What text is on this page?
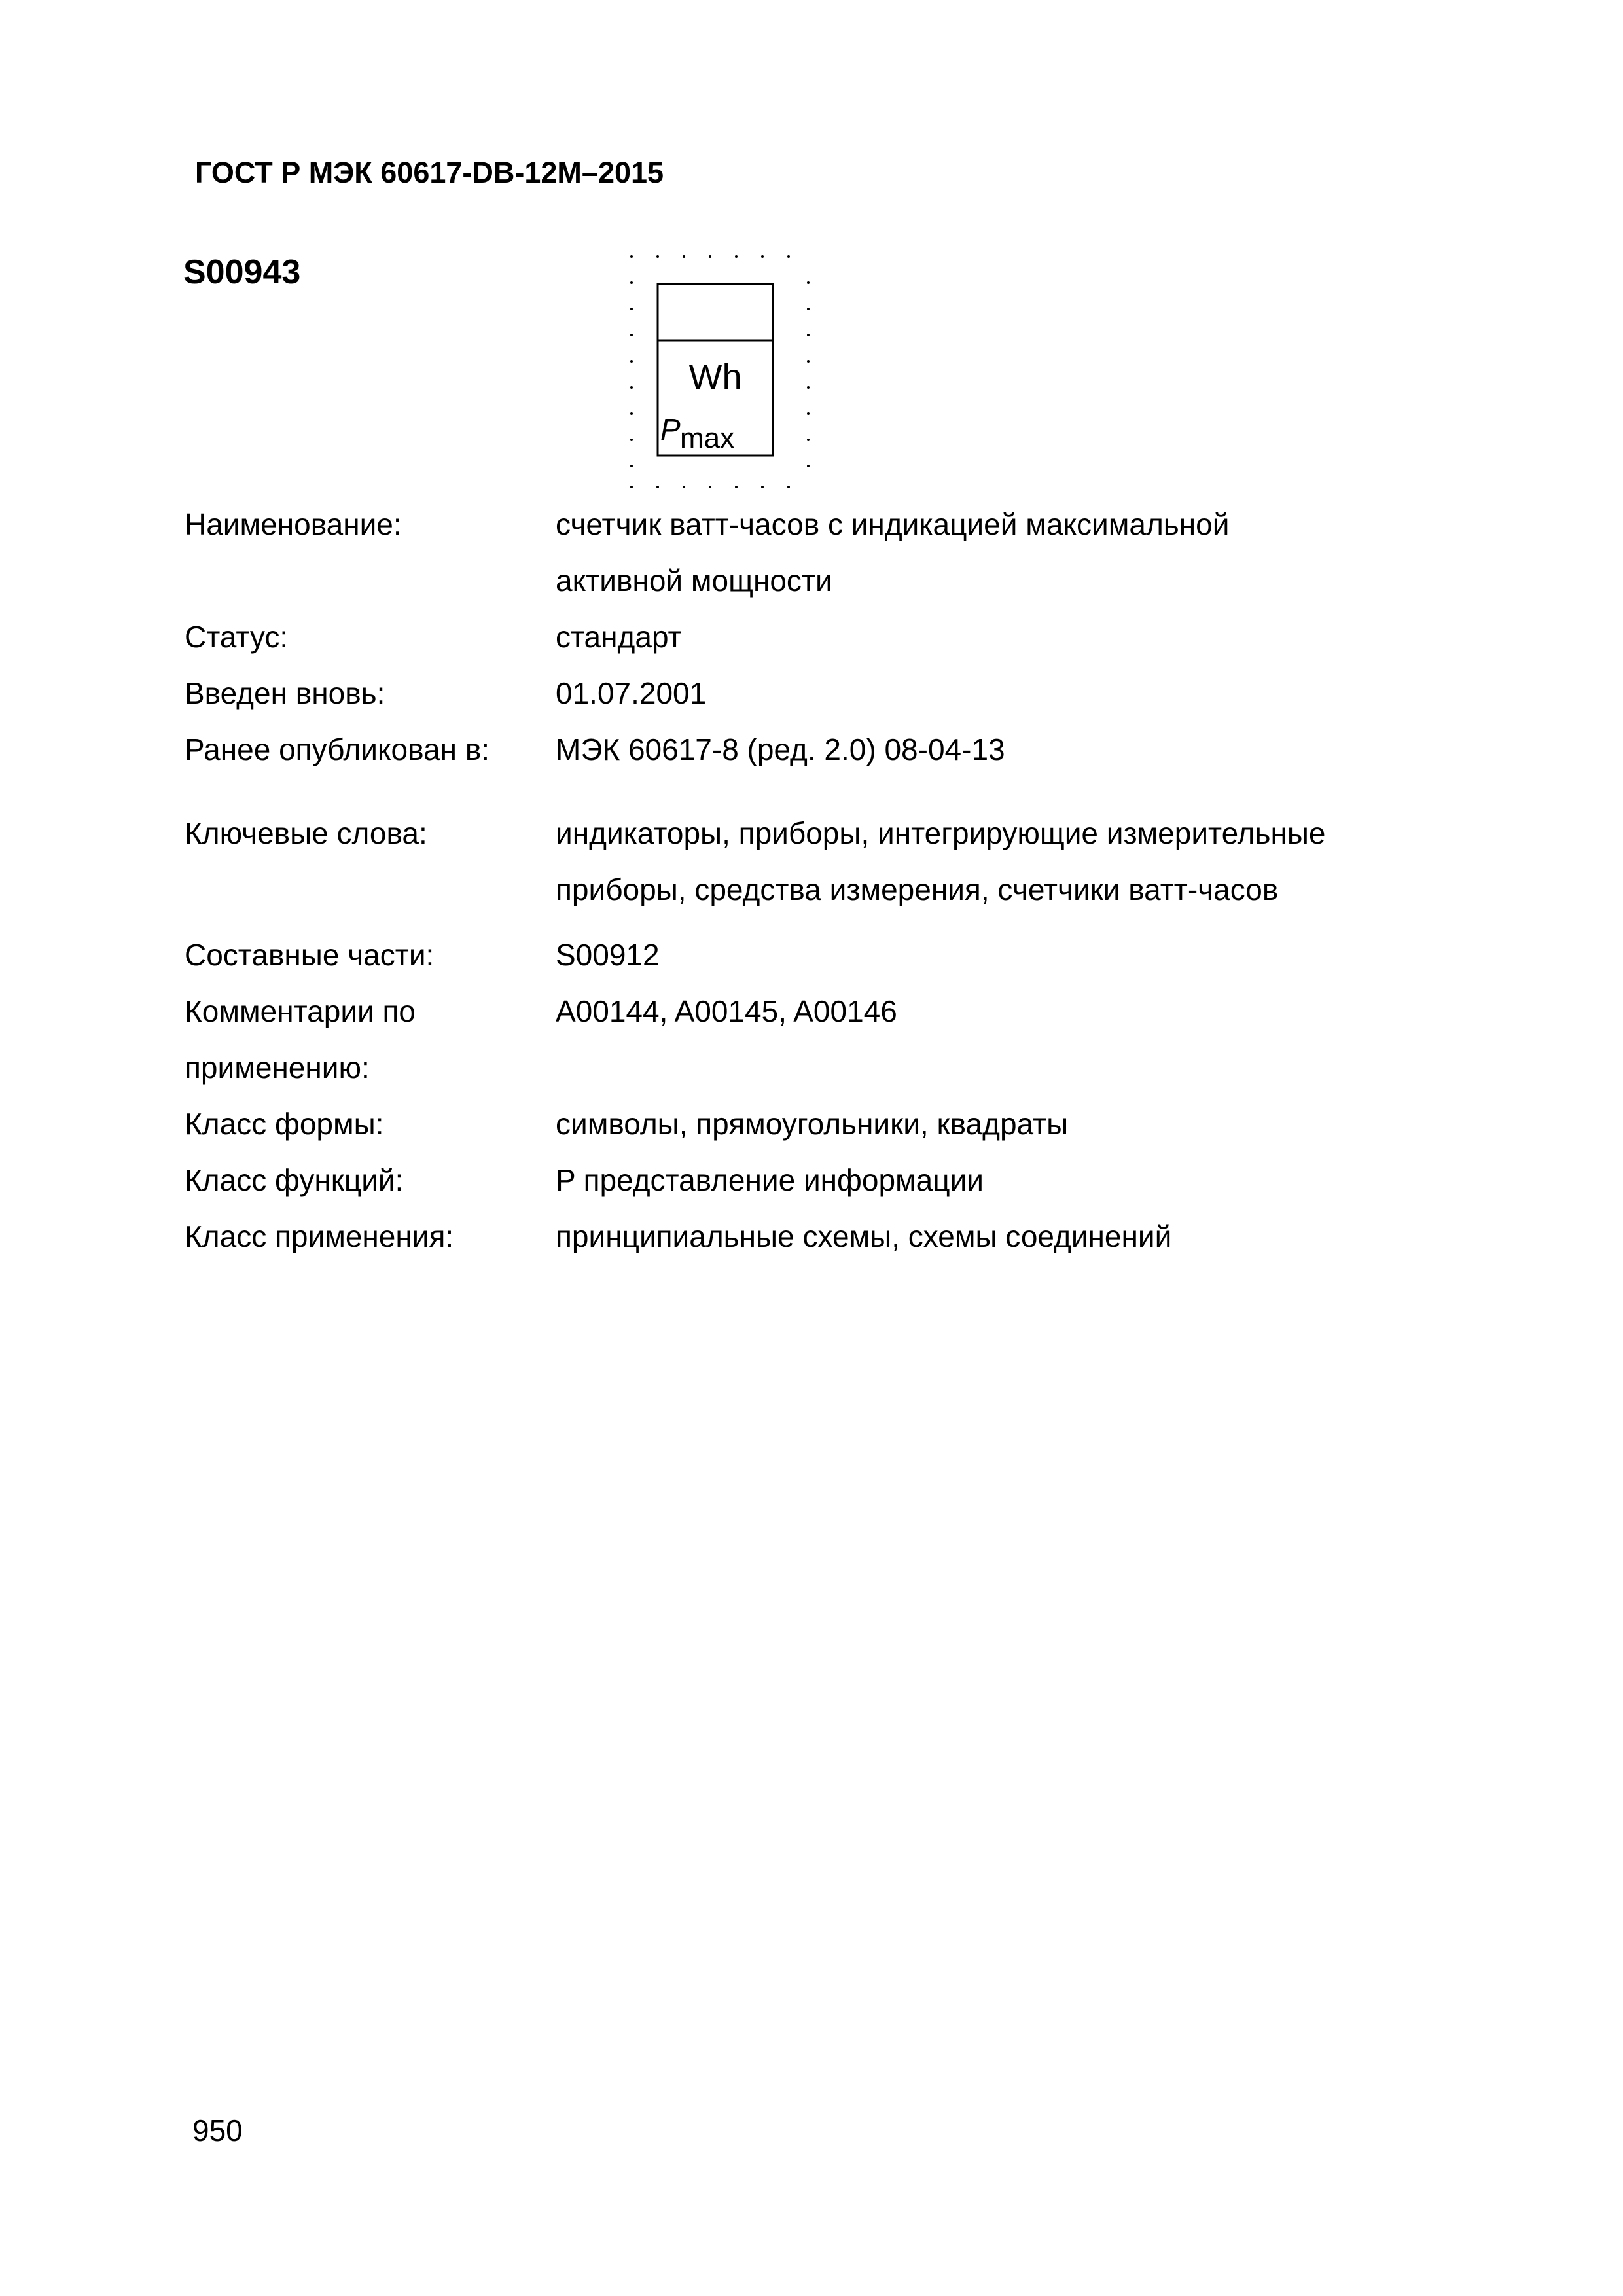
ГОСТ Р МЭК 60617-DB-12M–2015
S00943
Wh
P max
Наименование:	счетчик ватт-часов с индикацией максимальной
активной мощности
Статус:	стандарт
Введен вновь:	01.07.2001
Ранее опубликован в:	МЭК 60617-8 (ред. 2.0) 08-04-13
Ключевые слова:	индикаторы, приборы, интегрирующие измерительные
приборы, средства измерения, счетчики ватт-часов
Составные части:	S00912
Комментарии по	A00144, A00145, A00146
применению:
Класс формы:	символы, прямоугольники, квадраты
Класс функций:	P представление информации
Класс применения:	принципиальные схемы, схемы соединений
950
